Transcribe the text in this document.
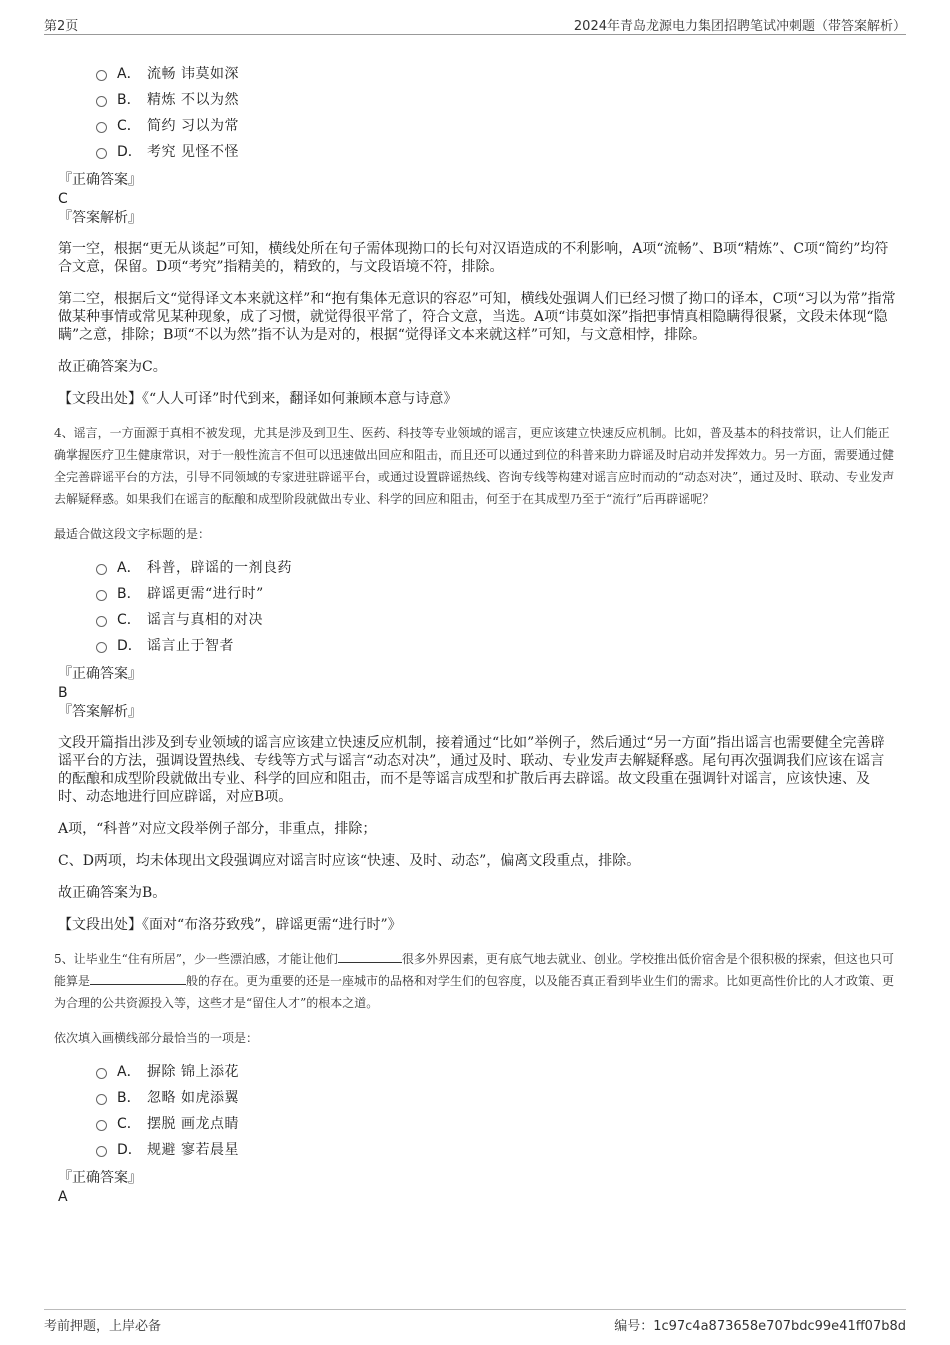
第2页	2024年青岛龙源电力集团招聘笔试冲刺题（带答案解析）
A． 流畅 讳莫如深
B． 精炼 不以为然
C． 简约 习以为常
D． 考究 见怪不怪
『正确答案』
C
『答案解析』
第一空，根据“更无从谈起”可知，横线处所在句子需体现拗口的长句对汉语造成的不利影响，A项“流畅”、B项“精炼”、C项“简约”均符合文意，保留。D项“考究”指精美的，精致的，与文段语境不符，排除。
第二空，根据后文“觉得译文本来就这样”和“抱有集体无意识的容忍”可知，横线处强调人们已经习惯了拗口的译本，C项“习以为常”指常做某种事情或常见某种现象，成了习惯，就觉得很平常了，符合文意，当选。A项“讳莫如深”指把事情真相隐瞒得很紧，文段未体现“隐瞒”之意，排除；B项“不以为然”指不认为是对的，根据“觉得译文本来就这样”可知，与文意相悖，排除。
故正确答案为C。
【文段出处】《“人人可译”时代到来，翻译如何兼顾本意与诗意》
4、谣言，一方面源于真相不被发现，尤其是涉及到卫生、医药、科技等专业领域的谣言，更应该建立快速反应机制。比如，普及基本的科技常识，让人们能正确掌握医疗卫生健康常识，对于一般性流言不但可以迅速做出回应和阻击，而且还可以通过到位的科普来助力辟谣及时启动并发挥效力。另一方面，需要通过健全完善辟谣平台的方法，引导不同领域的专家进驻辟谣平台，或通过设置辟谣热线、咨询专线等构建对谣言应时而动的“动态对决”，通过及时、联动、专业发声去解疑释惑。如果我们在谣言的酝酿和成型阶段就做出专业、科学的回应和阻击，何至于在其成型乃至于“流行”后再辟谣呢？
最适合做这段文字标题的是：
A． 科普，辟谣的一剂良药
B． 辟谣更需“进行时”
C． 谣言与真相的对决
D． 谣言止于智者
『正确答案』
B
『答案解析』
文段开篇指出涉及到专业领域的谣言应该建立快速反应机制，接着通过“比如”举例子，然后通过“另一方面”指出谣言也需要健全完善辟谣平台的方法，强调设置热线、专线等方式与谣言“动态对决”，通过及时、联动、专业发声去解疑释惑。尾句再次强调我们应该在谣言的酝酿和成型阶段就做出专业、科学的回应和阻击，而不是等谣言成型和扩散后再去辟谣。故文段重在强调针对谣言，应该快速、及时、动态地进行回应辟谣，对应B项。
A项，“科普”对应文段举例子部分，非重点，排除；
C、D两项，均未体现出文段强调应对谣言时应该“快速、及时、动态”，偏离文段重点，排除。
故正确答案为B。
【文段出处】《面对“布洛芬致残”，辟谣更需“进行时”》
5、让毕业生“住有所居”，少一些漂泊感，才能让他们	很多外界因素，更有底气地去就业、创业。学校推出低价宿舍是个很积极的探索，但这也只可能算是	般的存在。更为重要的还是一座城市的品格和对学生们的包容度，以及能否真正看到毕业生们的需求。比如更高性价比的人才政策、更为合理的公共资源投入等，这些才是“留住人才”的根本之道。
依次填入画横线部分最恰当的一项是：
A． 摒除 锦上添花
B． 忽略 如虎添翼
C． 摆脱 画龙点睛
D． 规避 寥若晨星
『正确答案』
A
考前押题，上岸必备	编号：1c97c4a873658e707bdc99e41ff07b8d
